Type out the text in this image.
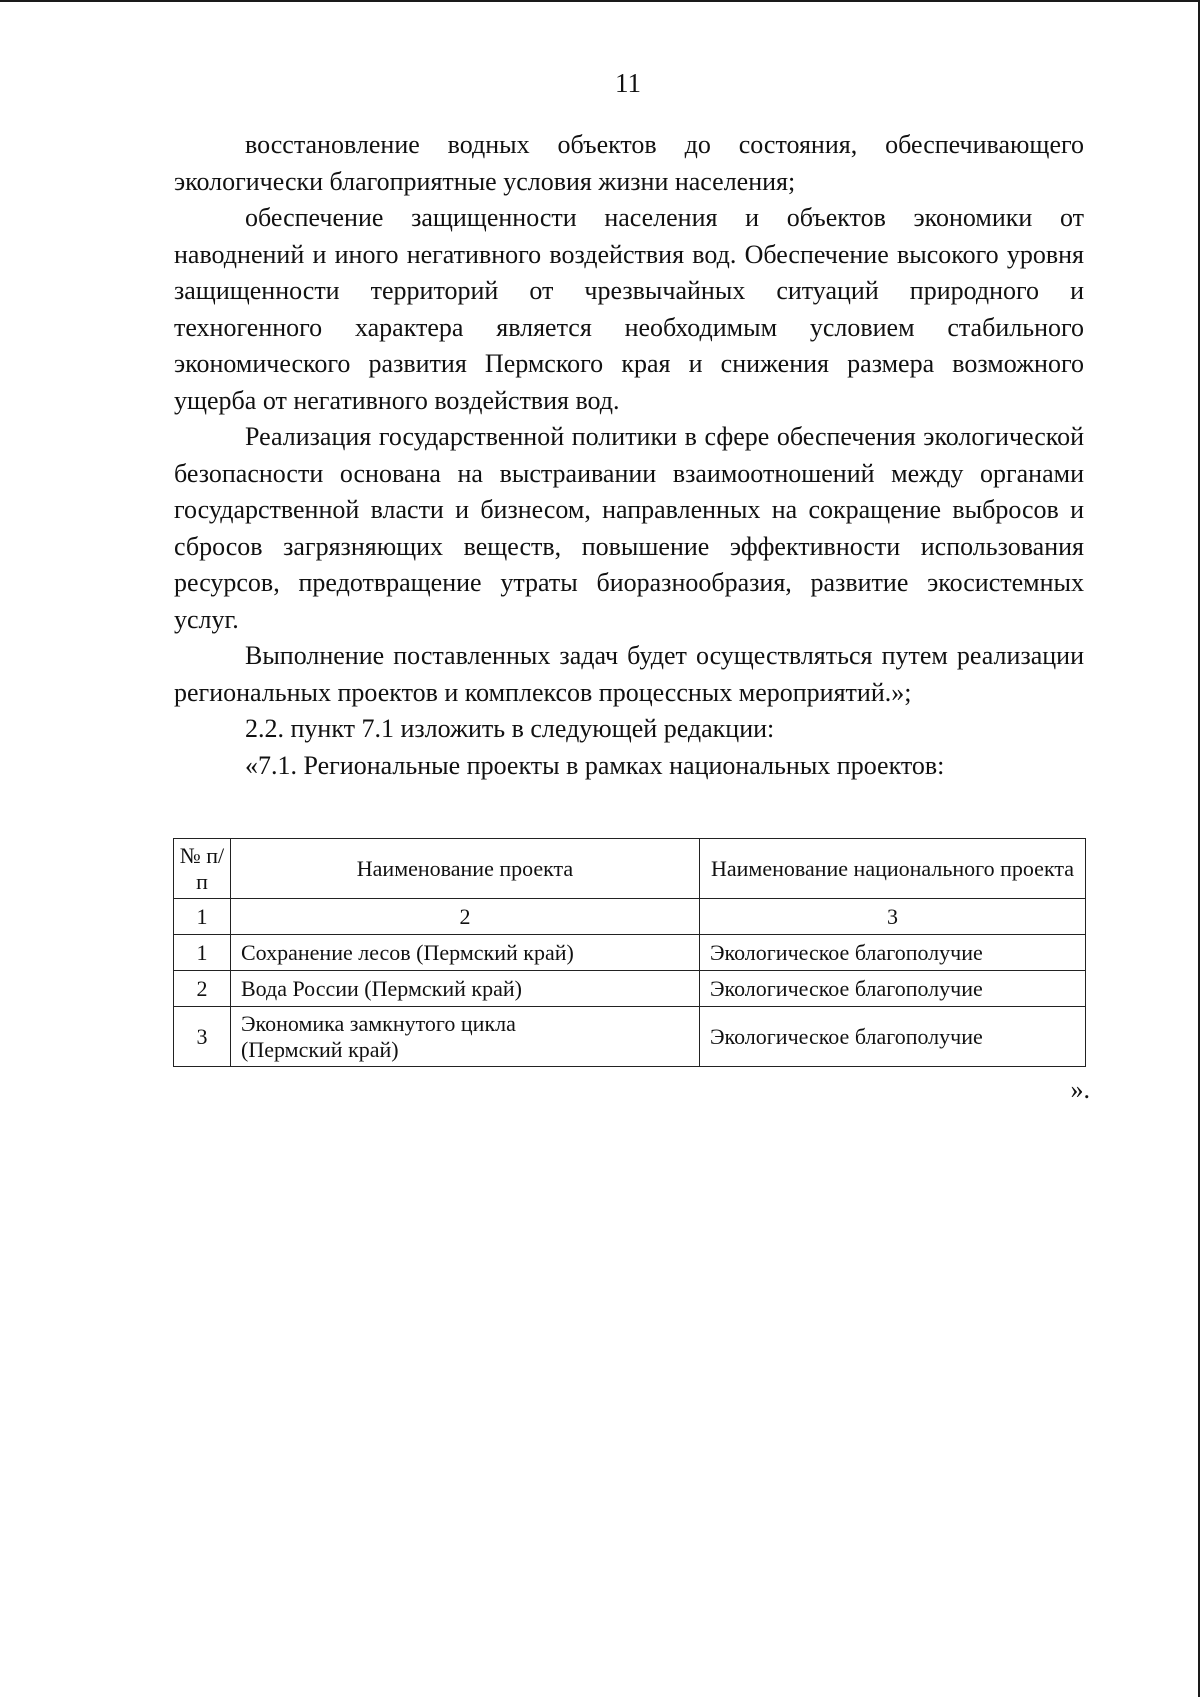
11

восстановление водных объектов до состояния, обеспечивающего экологически благоприятные условия жизни населения;

обеспечение защищенности населения и объектов экономики от наводнений и иного негативного воздействия вод. Обеспечение высокого уровня защищенности территорий от чрезвычайных ситуаций природного и техногенного характера является необходимым условием стабильного экономического развития Пермского края и снижения размера возможного ущерба от негативного воздействия вод.

Реализация государственной политики в сфере обеспечения экологической безопасности основана на выстраивании взаимоотношений между органами государственной власти и бизнесом, направленных на сокращение выбросов и сбросов загрязняющих веществ, повышение эффективности использования ресурсов, предотвращение утраты биоразнообразия, развитие экосистемных услуг.

Выполнение поставленных задач будет осуществляться путем реализации региональных проектов и комплексов процессных мероприятий.»;

2.2. пункт 7.1 изложить в следующей редакции:

«7.1. Региональные проекты в рамках национальных проектов:

№ п/п	Наименование проекта	Наименование национального проекта
1	2	3
1	Сохранение лесов (Пермский край)	Экологическое благополучие
2	Вода России (Пермский край)	Экологическое благополучие
3	Экономика замкнутого цикла (Пермский край)	Экологическое благополучие
».
